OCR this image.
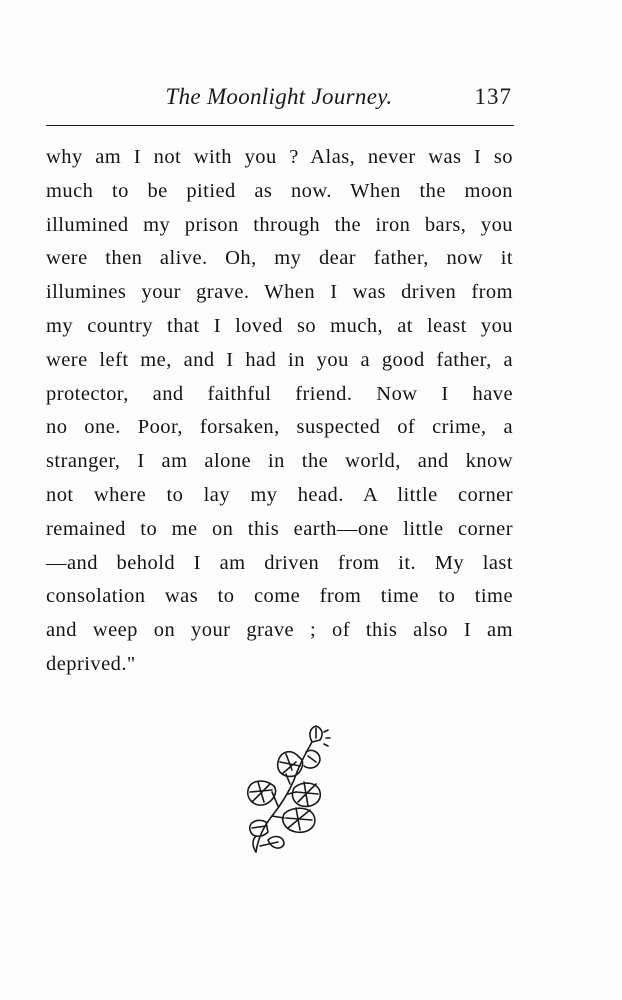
The Moonlight Journey.	137
why am I not with you ? Alas, never was I so
much to be pitied as now. When the moon
illumined my prison through the iron bars, you
were then alive. Oh, my dear father, now it
illumines your grave. When I was driven from
my country that I loved so much, at least you
were left me, and I had in you a good father, a
protector, and faithful friend. Now I have
no one. Poor, forsaken, suspected of crime, a
stranger, I am alone in the world, and know
not where to lay my head. A little corner
remained to me on this earth—one little corner
—and behold I am driven from it. My last
consolation was to come from time to time
and weep on your grave ; of this also I am
deprived."
